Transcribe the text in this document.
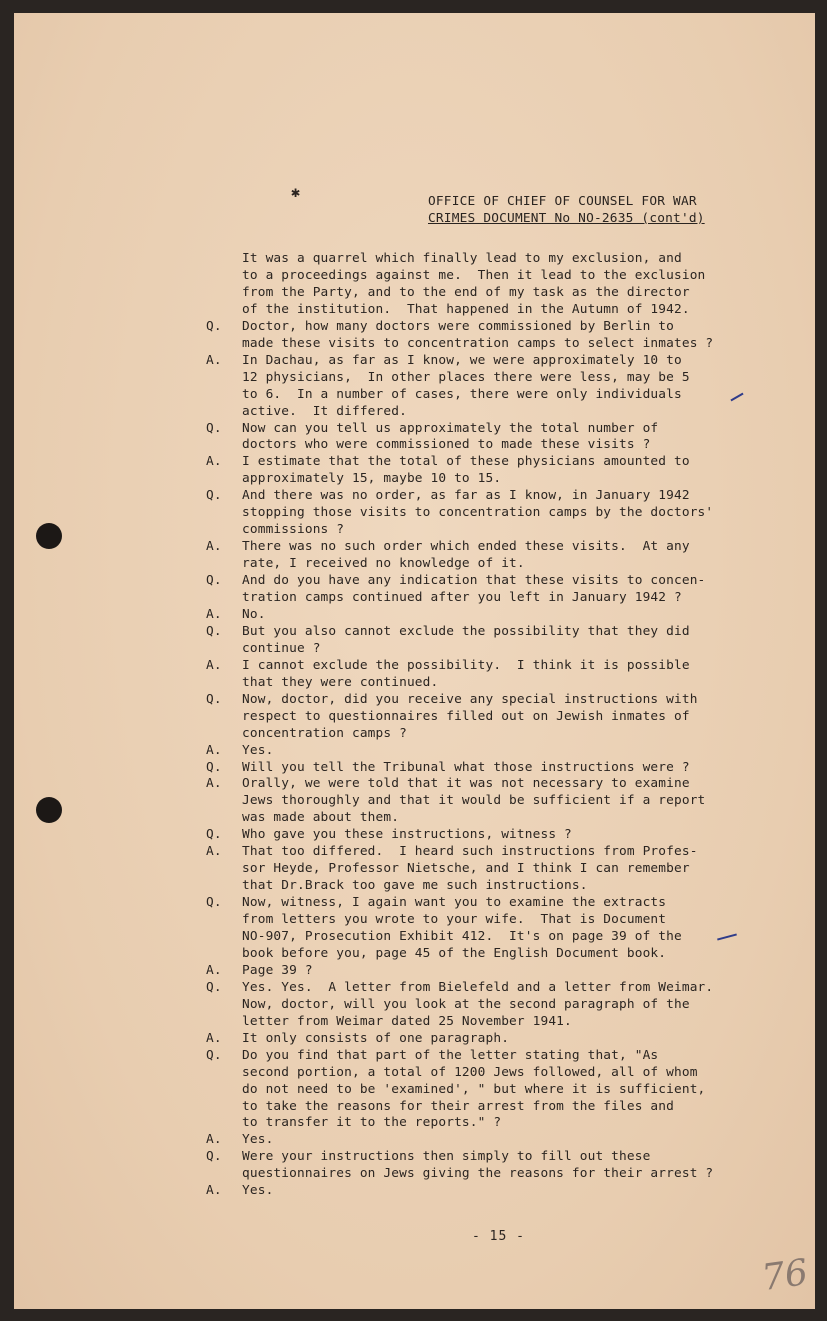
✱
OFFICE OF CHIEF OF COUNSEL FOR WAR
CRIMES DOCUMENT No NO-2635 (cont'd)
It was a quarrel which finally lead to my exclusion, and
to a proceedings against me.  Then it lead to the exclusion
from the Party, and to the end of my task as the director
of the institution.  That happened in the Autumn of 1942.
Q.	Doctor, how many doctors were commissioned by Berlin to
made these visits to concentration camps to select inmates ?
A.	In Dachau, as far as I know, we were approximately 10 to
12 physicians,  In other places there were less, may be 5
to 6.  In a number of cases, there were only individuals
active.  It differed.
Q.	Now can you tell us approximately the total number of
doctors who were commissioned to made these visits ?
A.	I estimate that the total of these physicians amounted to
approximately 15, maybe 10 to 15.
Q.	And there was no order, as far as I know, in January 1942
stopping those visits to concentration camps by the doctors'
commissions ?
A.	There was no such order which ended these visits.  At any
rate, I received no knowledge of it.
Q.	And do you have any indication that these visits to concen-
tration camps continued after you left in January 1942 ?
A.	No.
Q.	But you also cannot exclude the possibility that they did
continue ?
A.	I cannot exclude the possibility.  I think it is possible
that they were continued.
Q.	Now, doctor, did you receive any special instructions with
respect to questionnaires filled out on Jewish inmates of
concentration camps ?
A.	Yes.
Q.	Will you tell the Tribunal what those instructions were ?
A.	Orally, we were told that it was not necessary to examine
Jews thoroughly and that it would be sufficient if a report
was made about them.
Q.	Who gave you these instructions, witness ?
A.	That too differed.  I heard such instructions from Profes-
sor Heyde, Professor Nietsche, and I think I can remember
that Dr.Brack too gave me such instructions.
Q.	Now, witness, I again want you to examine the extracts
from letters you wrote to your wife.  That is Document
NO-907, Prosecution Exhibit 412.  It's on page 39 of the
book before you, page 45 of the English Document book.
A.	Page 39 ?
Q.	Yes. Yes.  A letter from Bielefeld and a letter from Weimar.
Now, doctor, will you look at the second paragraph of the
letter from Weimar dated 25 November 1941.
A.	It only consists of one paragraph.
Q.	Do you find that part of the letter stating that, "As
second portion, a total of 1200 Jews followed, all of whom
do not need to be 'examined', " but where it is sufficient,
to take the reasons for their arrest from the files and
to transfer it to the reports." ?
A.	Yes.
Q.	Were your instructions then simply to fill out these
questionnaires on Jews giving the reasons for their arrest ?
A.	Yes.
- 15 -
76
